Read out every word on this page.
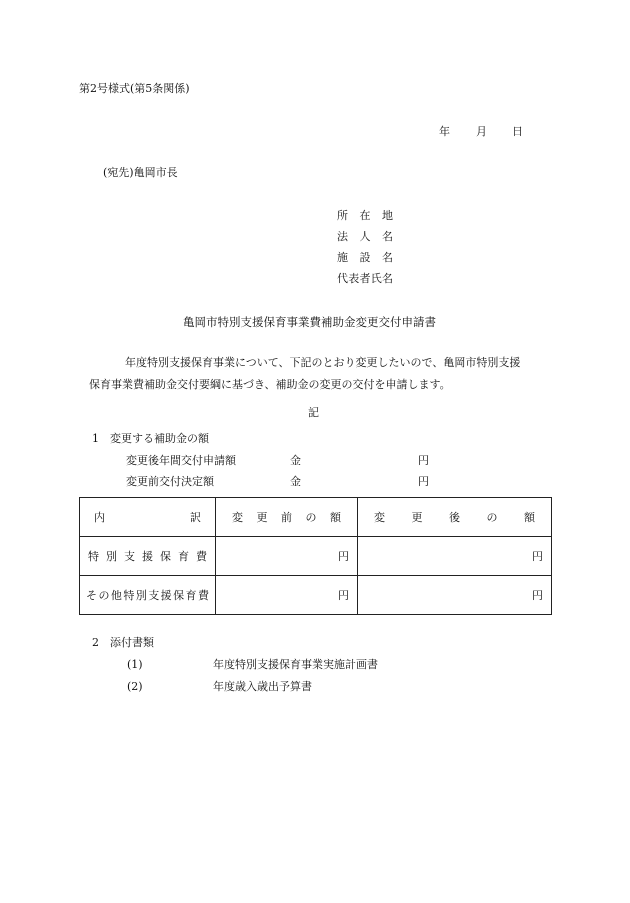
第2号様式(第5条関係)
年 月 日
(宛先)亀岡市長
所在地
法人名
施設名
代表者氏名
亀岡市特別支援保育事業費補助金変更交付申請書
年度特別支援保育事業について、下記のとおり変更したいので、亀岡市特別支援
保育事業費補助金交付要綱に基づき、補助金の変更の交付を申請します。
記
1　変更する補助金の額
変更後年間交付申請額	金	円
変更前交付決定額	金	円
内訳	変更前の額	変更後の額

特別支援保育費	円	円

その他特別支援保育費	円	円
2　添付書類
(1)	年度特別支援保育事業実施計画書
(2)	年度歳入歳出予算書
